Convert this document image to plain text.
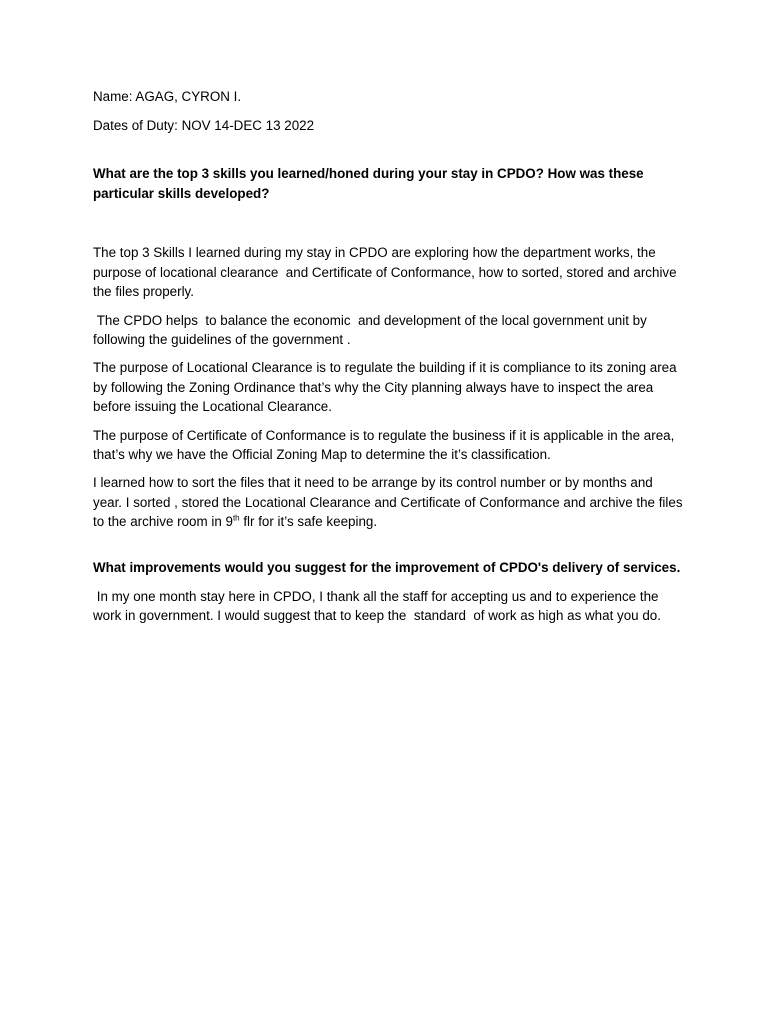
Name: AGAG, CYRON I.

Dates of Duty: NOV 14-DEC 13 2022

What are the top 3 skills you learned/honed during your stay in CPDO? How was these particular skills developed?

The top 3 Skills I learned during my stay in CPDO are exploring how the department works, the purpose of locational clearance  and Certificate of Conformance, how to sorted, stored and archive the files properly.

The CPDO helps  to balance the economic  and development of the local government unit by following the guidelines of the government .

The purpose of Locational Clearance is to regulate the building if it is compliance to its zoning area by following the Zoning Ordinance that’s why the City planning always have to inspect the area before issuing the Locational Clearance.

The purpose of Certificate of Conformance is to regulate the business if it is applicable in the area, that’s why we have the Official Zoning Map to determine the it’s classification.

I learned how to sort the files that it need to be arrange by its control number or by months and year. I sorted , stored the Locational Clearance and Certificate of Conformance and archive the files to the archive room in 9th flr for it’s safe keeping.

What improvements would you suggest for the improvement of CPDO's delivery of services.

In my one month stay here in CPDO, I thank all the staff for accepting us and to experience the work in government. I would suggest that to keep the  standard  of work as high as what you do.
